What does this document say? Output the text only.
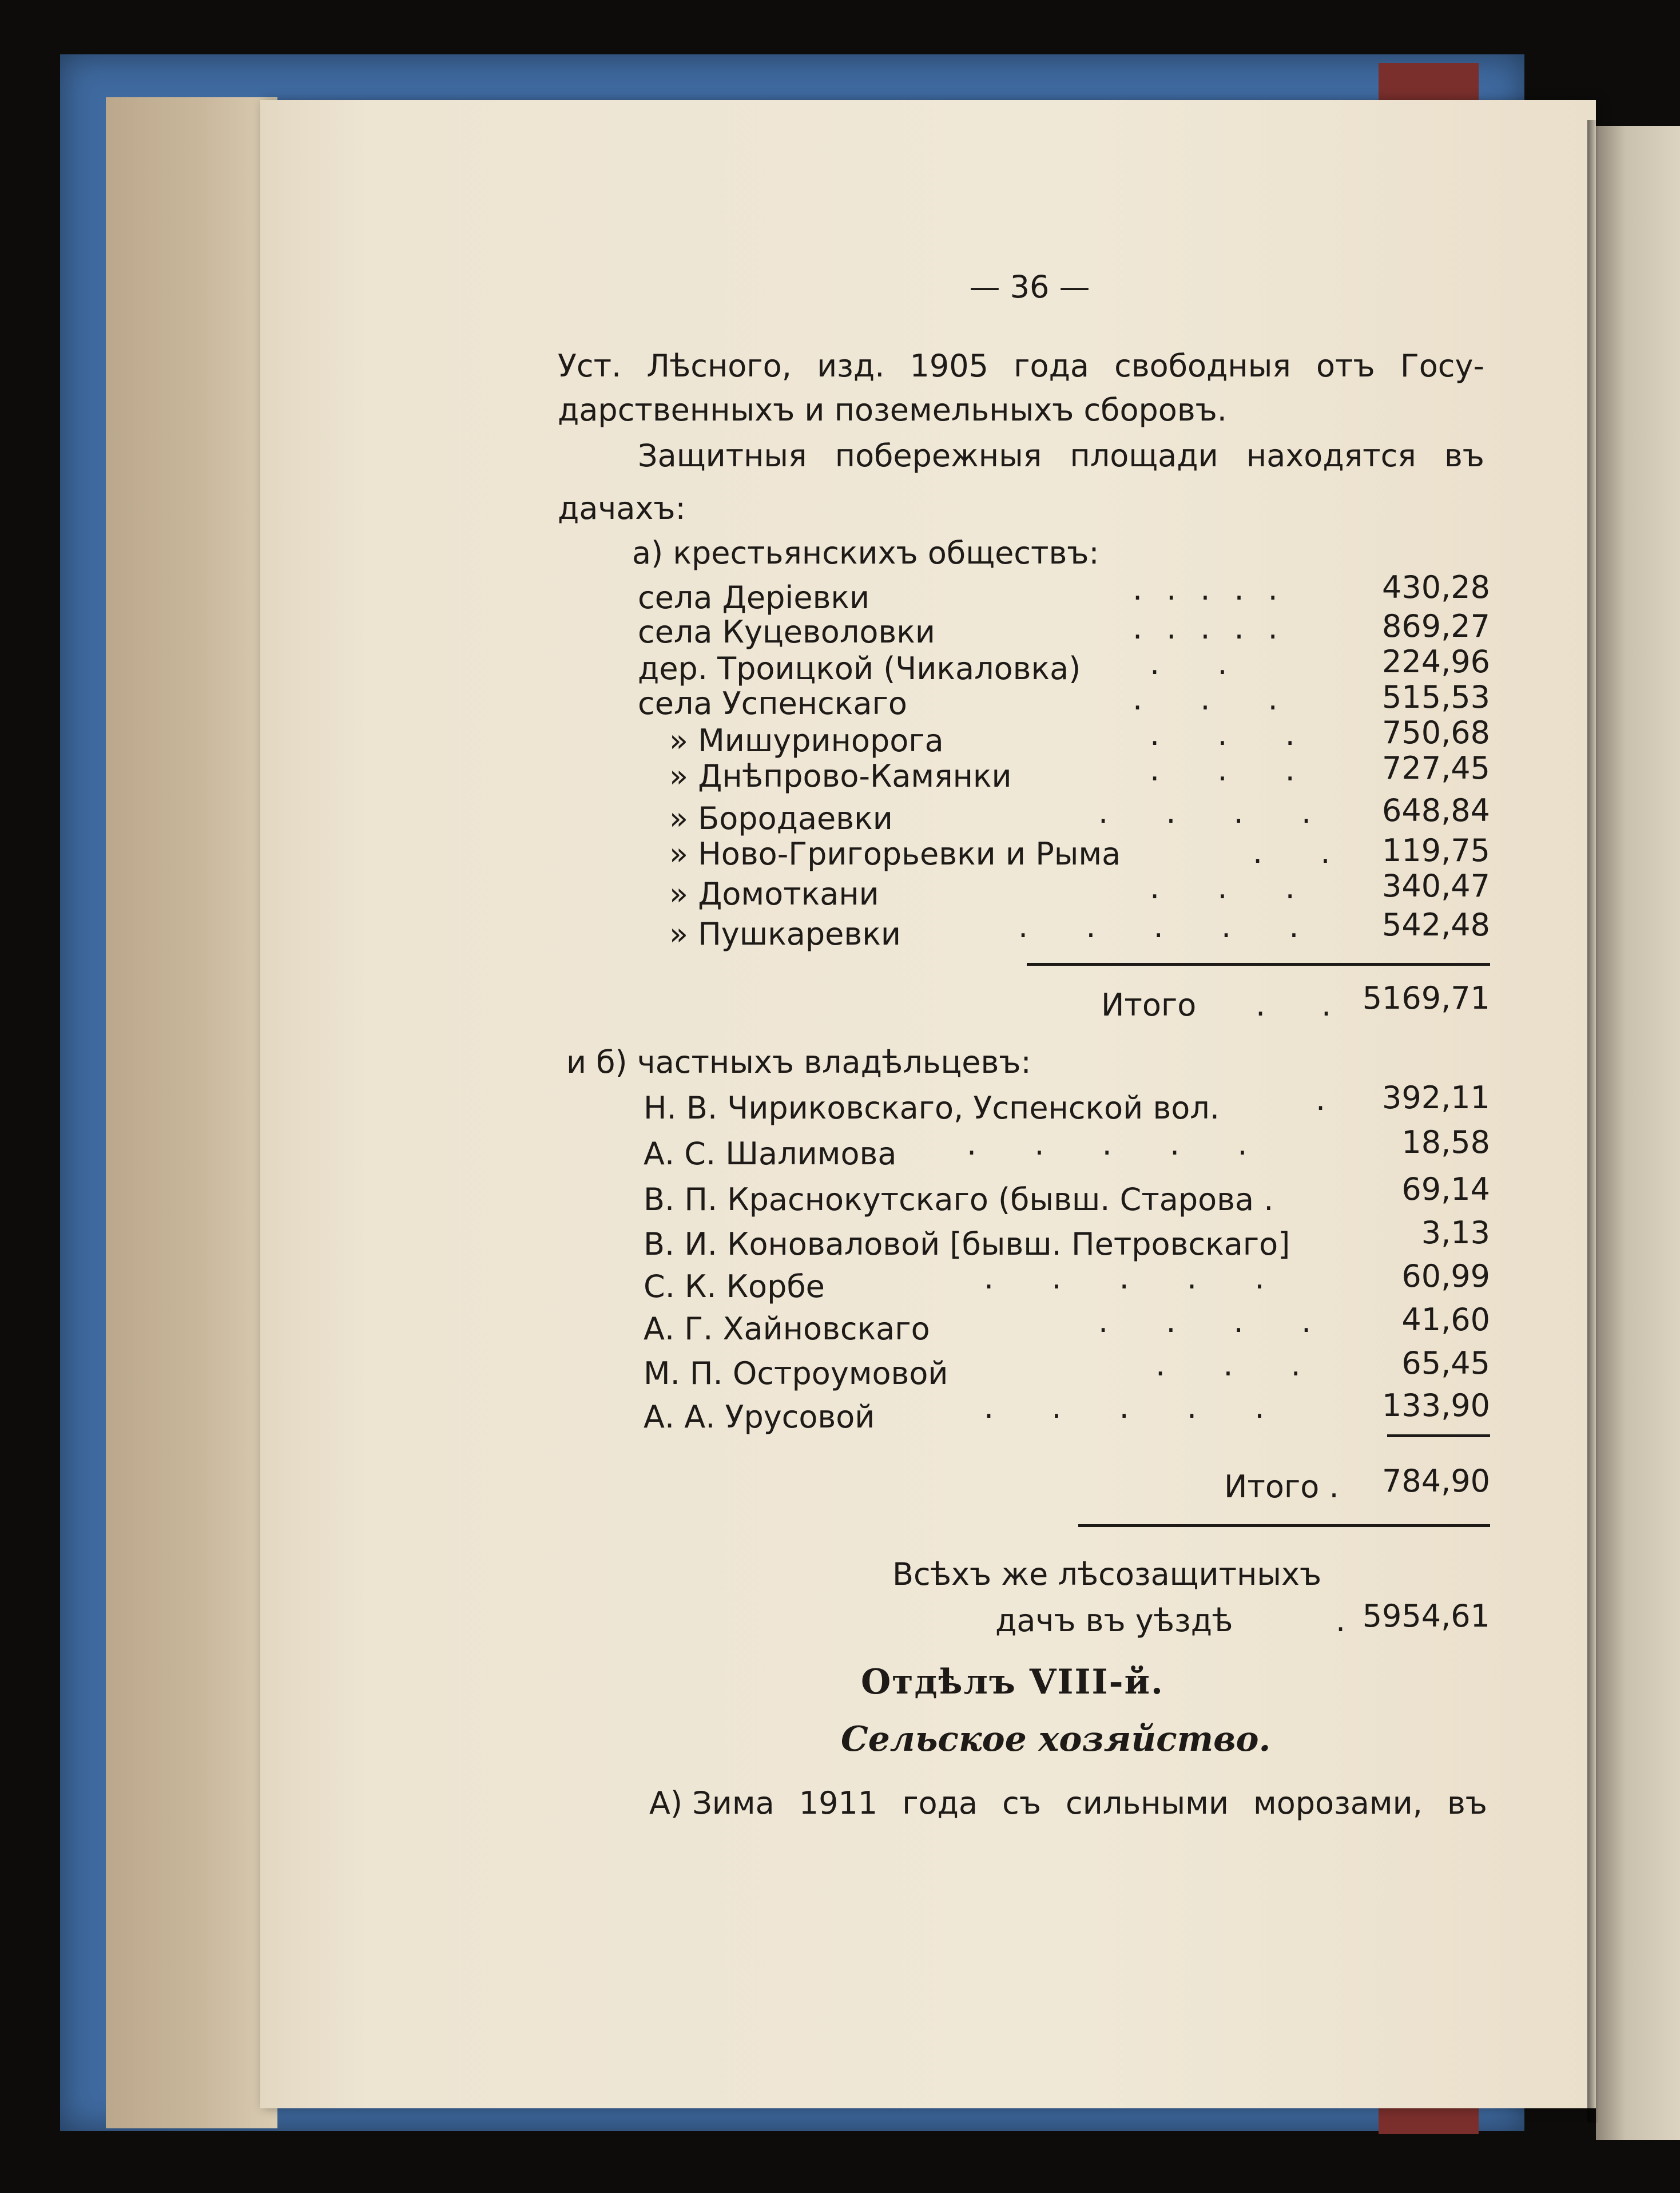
— 36 —
Уст. Лѣсного, изд. 1905 года свободныя отъ Госу-
дарственныхъ и поземельныхъ сборовъ.
Защитныя побережныя площади находятся въ
дачахъ:
а) крестьянскихъ обществъ:
села Деріевки	430,28
села Куцеволовки	869,27
дер. Троицкой (Чикаловка)	224,96
села Успенскаго	515,53
» Мишуринорога	750,68
» Днѣпрово-Камянки	727,45
» Бородаевки	648,84
» Ново-Григорьевки и Рыма	119,75
» Домоткани	340,47
» Пушкаревки	542,48
Итого . .	5169,71
и б) частныхъ владѣльцевъ:
Н. В. Чириковскаго, Успенской вол.	392,11
А. С. Шалимова	18,58
В. П. Краснокутскаго (бывш. Старова .	69,14
В. И. Коноваловой [бывш. Петровскаго]	3,13
С. К. Корбе	60,99
А. Г. Хайновскаго	41,60
М. П. Остроумовой	65,45
А. А. Урусовой	133,90
.....
.....
. .
. . .
. . .
. . .
. . . .
. .
. . .
. . . . .
.
. . . . .
. . . . .
. . . .
. . .
. . . . .
Итого .	784,90
Всѣхъ же лѣсозащитныхъ
дачъ въ уѣздѣ	. 5954,61
Отдѣлъ VIII-й.
Сельское хозяйство.
А) Зима 1911 года съ сильными морозами, въ
